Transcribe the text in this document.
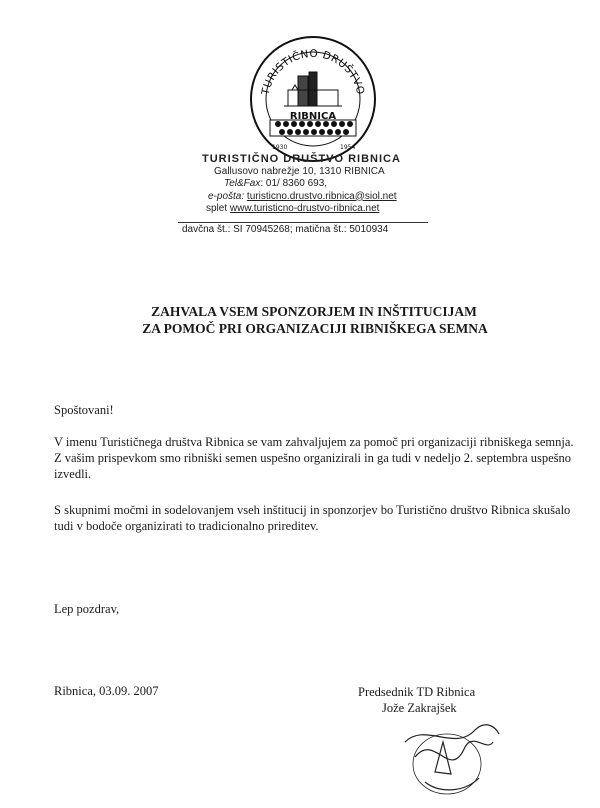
TURISTIČNO DRUŠTVO
RIBNICA
1930	1954
TURISTIČNO DRUŠTVO RIBNICA
Gallusovo nabrežje 10, 1310 RIBNICA
Tel&Fax: 01/ 8360 693,
e-pošta: turisticno.drustvo.ribnica@siol.net
splet www.turisticno-drustvo-ribnica.net
davčna št.: SI 70945268; matična št.: 5010934
ZAHVALA VSEM SPONZORJEM IN INŠTITUCIJAM
ZA POMOČ PRI ORGANIZACIJI RIBNIŠKEGA SEMNA
Spoštovani!
V imenu Turističnega društva Ribnica se vam zahvaljujem za pomoč pri organizaciji ribniškega semnja. Z vašim prispevkom smo ribniški semen uspešno organizirali in ga tudi v nedeljo 2. septembra uspešno izvedli.
S skupnimi močmi in sodelovanjem vseh inštitucij in sponzorjev bo Turistično društvo Ribnica skušalo tudi v bodoče organizirati to tradicionalno prireditev.
Lep pozdrav,
Ribnica, 03.09. 2007	Predsednik TD Ribnica
Jože Zakrajšek
